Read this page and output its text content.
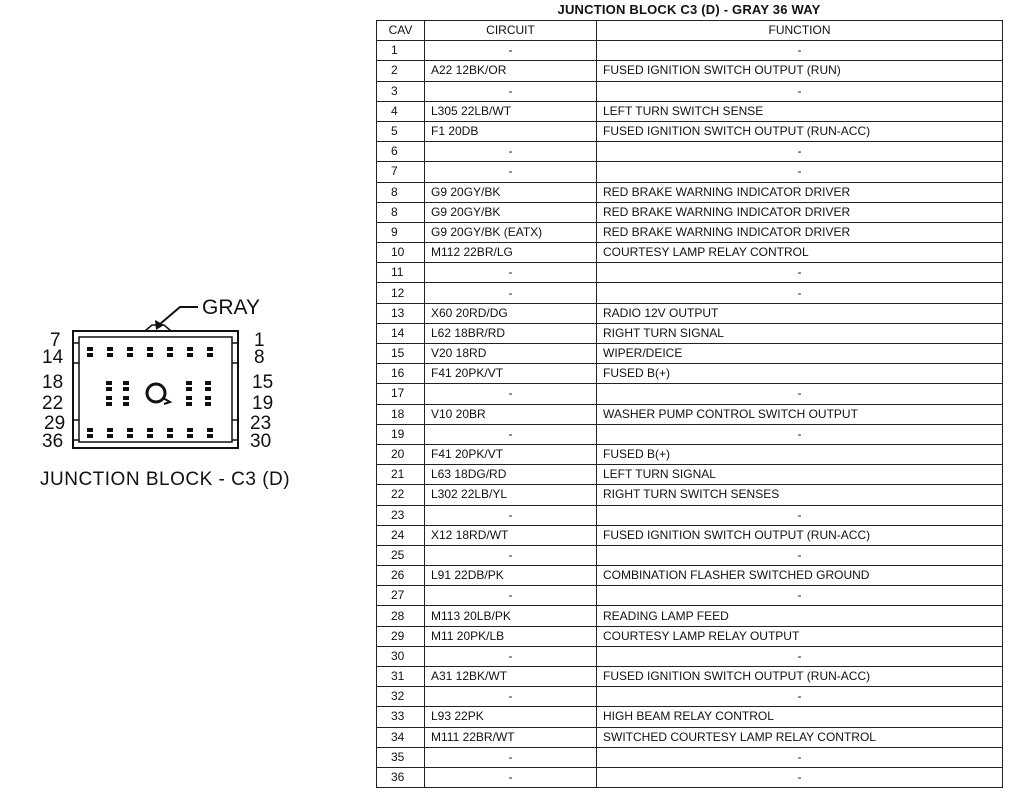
GRAY
7
14
1
8
18
22
15
19
29
36
23
30
JUNCTION BLOCK - C3 (D)
JUNCTION BLOCK C3 (D) - GRAY 36 WAY
CAV	CIRCUIT	FUNCTION
1	-	-
2	A22 12BK/OR	FUSED IGNITION SWITCH OUTPUT (RUN)
3	-	-
4	L305 22LB/WT	LEFT TURN SWITCH SENSE
5	F1 20DB	FUSED IGNITION SWITCH OUTPUT (RUN-ACC)
6	-	-
7	-	-
8	G9 20GY/BK	RED BRAKE WARNING INDICATOR DRIVER
8	G9 20GY/BK	RED BRAKE WARNING INDICATOR DRIVER
9	G9 20GY/BK (EATX)	RED BRAKE WARNING INDICATOR DRIVER
10	M112 22BR/LG	COURTESY LAMP RELAY CONTROL
11	-	-
12	-	-
13	X60 20RD/DG	RADIO 12V OUTPUT
14	L62 18BR/RD	RIGHT TURN SIGNAL
15	V20 18RD	WIPER/DEICE
16	F41 20PK/VT	FUSED B(+)
17	-	-
18	V10 20BR	WASHER PUMP CONTROL SWITCH OUTPUT
19	-	-
20	F41 20PK/VT	FUSED B(+)
21	L63 18DG/RD	LEFT TURN SIGNAL
22	L302 22LB/YL	RIGHT TURN SWITCH SENSES
23	-	-
24	X12 18RD/WT	FUSED IGNITION SWITCH OUTPUT (RUN-ACC)
25	-	-
26	L91 22DB/PK	COMBINATION FLASHER SWITCHED GROUND
27	-	-
28	M113 20LB/PK	READING LAMP FEED
29	M11 20PK/LB	COURTESY LAMP RELAY OUTPUT
30	-	-
31	A31 12BK/WT	FUSED IGNITION SWITCH OUTPUT (RUN-ACC)
32	-	-
33	L93 22PK	HIGH BEAM RELAY CONTROL
34	M111 22BR/WT	SWITCHED COURTESY LAMP RELAY CONTROL
35	-	-
36	-	-
